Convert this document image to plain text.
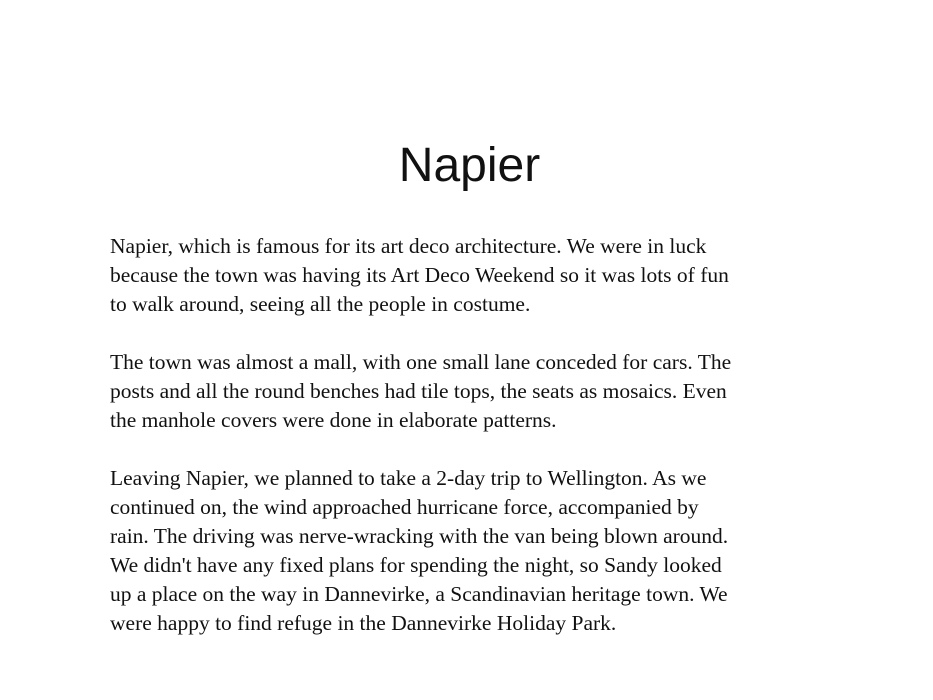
Napier

Napier, which is famous for its art deco architecture. We were in luck
because the town was having its Art Deco Weekend so it was lots of fun
to walk around, seeing all the people in costume.

The town was almost a mall, with one small lane conceded for cars. The
posts and all the round benches had tile tops, the seats as mosaics. Even
the manhole covers were done in elaborate patterns.

Leaving Napier, we planned to take a 2-day trip to Wellington. As we
continued on, the wind approached hurricane force, accompanied by
rain. The driving was nerve-wracking with the van being blown around.
We didn't have any fixed plans for spending the night, so Sandy looked
up a place on the way in Dannevirke, a Scandinavian heritage town. We
were happy to find refuge in the Dannevirke Holiday Park.
